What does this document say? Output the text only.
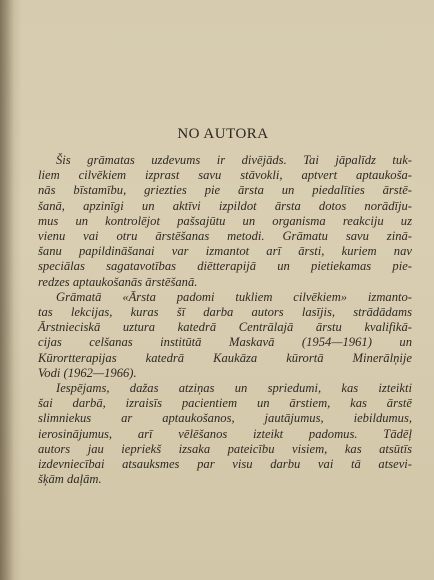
NO AUTORA
Šis grāmatas uzdevums ir divējāds. Tai jāpalīdz tuk-
liem cilvēkiem izprast savu stāvokli, aptvert aptaukoša-
nās bīstamību, griezties pie ārsta un piedalīties ārstē-
šanā, apzinīgi un aktīvi izpildot ārsta dotos norādīju-
mus un kontrolējot pašsajūtu un organisma reakciju uz
vienu vai otru ārstēšanas metodi. Grāmatu savu zinā-
šanu papildināšanai var izmantot arī ārsti, kuriem nav
speciālas sagatavotības diētterapijā un pietiekamas pie-
redzes aptaukošanās ārstēšanā.
Grāmatā «Ārsta padomi tukliem cilvēkiem» izmanto-
tas lekcijas, kuras šī darba autors lasījis, strādādams
Ārstnieciskā uztura katedrā Centrālajā ārstu kvalifikā-
cijas celšanas institūtā Maskavā (1954—1961) un
Kūrortterapijas katedrā Kaukāza kūrortā Minerālņije
Vodi (1962—1966).
Iespējams, dažas atziņas un spriedumi, kas izteikti
šai darbā, izraisīs pacientiem un ārstiem, kas ārstē
slimniekus ar aptaukošanos, jautājumus, iebildumus,
ierosinājumus, arī vēlēšanos izteikt padomus. Tādēļ
autors jau iepriekš izsaka pateicību visiem, kas atsūtīs
izdevniecībai atsauksmes par visu darbu vai tā atsevi-
šķām daļām.
